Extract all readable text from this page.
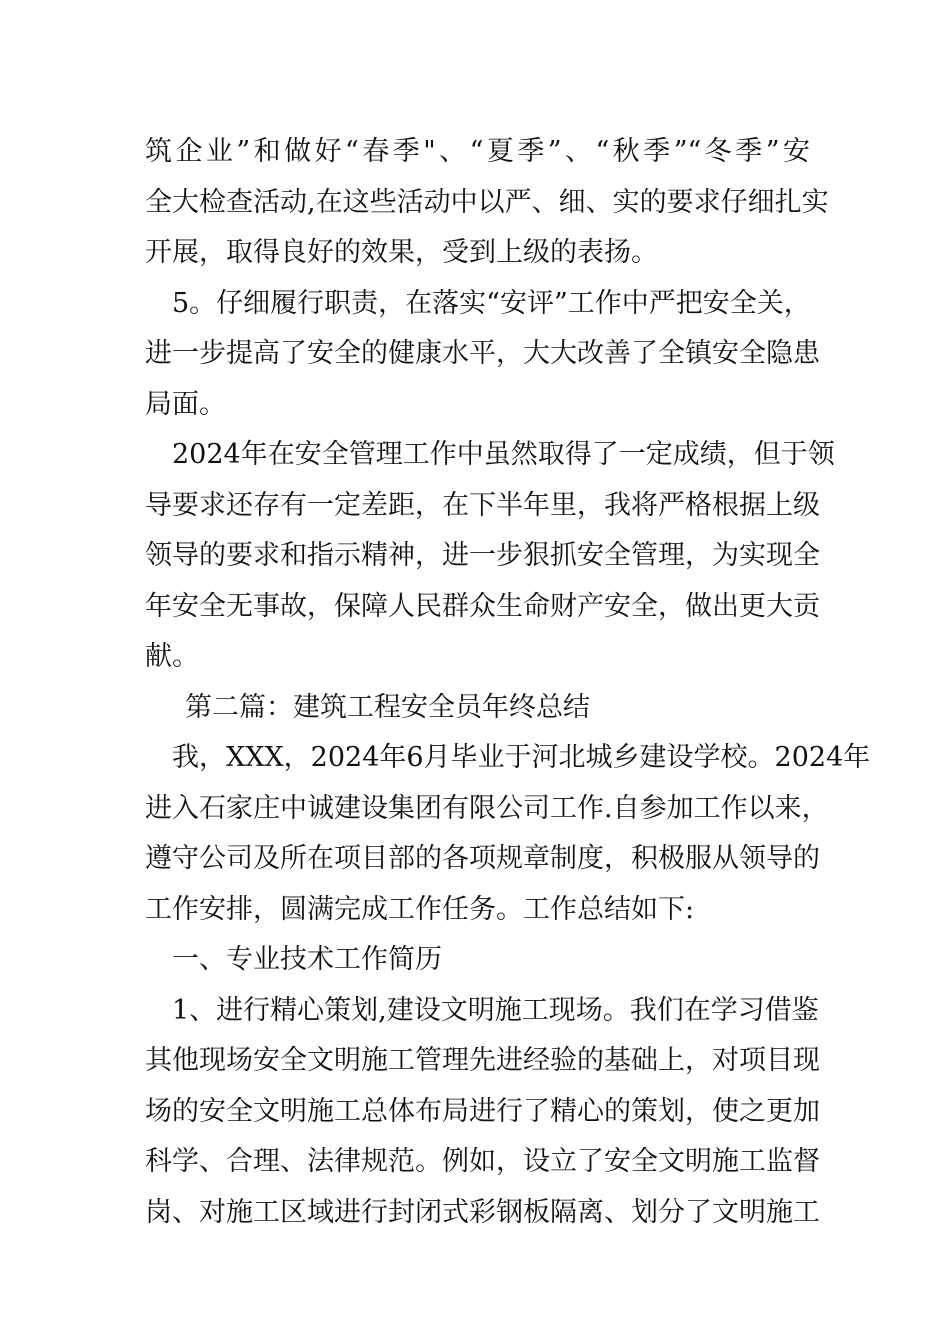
筑企业”和做好“春季"、“夏季”、“秋季”“冬季”安
全大检查活动,在这些活动中以严、细、实的要求仔细扎实
开展，取得良好的效果，受到上级的表扬。
5。仔细履行职责，在落实“安评”工作中严把安全关，
进一步提高了安全的健康水平，大大改善了全镇安全隐患
局面。
2024年在安全管理工作中虽然取得了一定成绩，但于领
导要求还存有一定差距，在下半年里，我将严格根据上级
领导的要求和指示精神，进一步狠抓安全管理，为实现全
年安全无事故，保障人民群众生命财产安全，做出更大贡
献。
第二篇：建筑工程安全员年终总结
我，XXX，2024年6月毕业于河北城乡建设学校。2024年
进入石家庄中诚建设集团有限公司工作.自参加工作以来，
遵守公司及所在项目部的各项规章制度，积极服从领导的
工作安排，圆满完成工作任务。工作总结如下:
一、专业技术工作简历
1、进行精心策划,建设文明施工现场。我们在学习借鉴
其他现场安全文明施工管理先进经验的基础上，对项目现
场的安全文明施工总体布局进行了精心的策划，使之更加
科学、合理、法律规范。例如，设立了安全文明施工监督
岗、对施工区域进行封闭式彩钢板隔离、划分了文明施工
